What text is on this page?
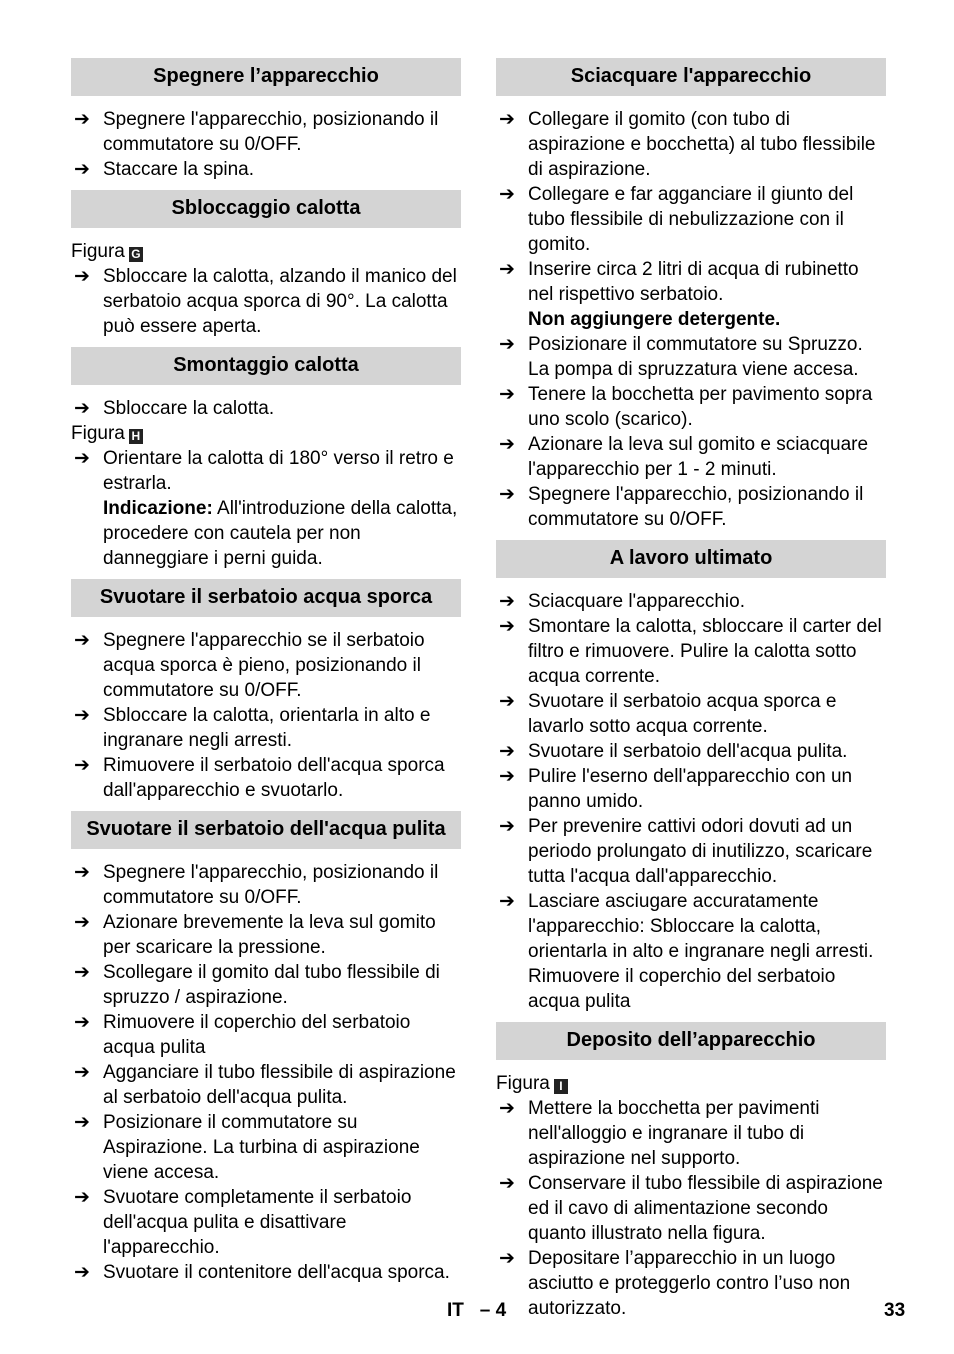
Spegnere l’apparecchio
➔ Spegnere l'apparecchio, posizionando il commutatore su 0/OFF.
➔ Staccare la spina.
Sbloccaggio calotta
Figura G
➔ Sbloccare la calotta, alzando il manico del serbatoio acqua sporca di 90°. La calotta può essere aperta.
Smontaggio calotta
➔ Sbloccare la calotta.
Figura H
➔ Orientare la calotta di 180° verso il retro e estrarla.
Indicazione: All'introduzione della calotta, procedere con cautela per non danneggiare i perni guida.
Svuotare il serbatoio acqua sporca
➔ Spegnere l'apparecchio se il serbatoio acqua sporca è pieno, posizionando il commutatore su 0/OFF.
➔ Sbloccare la calotta, orientarla in alto e ingranare negli arresti.
➔ Rimuovere il serbatoio dell'acqua sporca dall'apparecchio e svuotarlo.
Svuotare il serbatoio dell'acqua pulita
➔ Spegnere l'apparecchio, posizionando il commutatore su 0/OFF.
➔ Azionare brevemente la leva sul gomito per scaricare la pressione.
➔ Scollegare il gomito dal tubo flessibile di spruzzo / aspirazione.
➔ Rimuovere il coperchio del serbatoio acqua pulita
➔ Agganciare il tubo flessibile di aspirazione al serbatoio dell'acqua pulita.
➔ Posizionare il commutatore su Aspirazione. La turbina di aspirazione viene accesa.
➔ Svuotare completamente il serbatoio dell'acqua pulita e disattivare l'apparecchio.
➔ Svuotare il contenitore dell'acqua sporca.
Sciacquare l'apparecchio
➔ Collegare il gomito (con tubo di aspirazione e bocchetta) al tubo flessibile di aspirazione.
➔ Collegare e far agganciare il giunto del tubo flessibile di nebulizzazione con il gomito.
➔ Inserire circa 2 litri di acqua di rubinetto nel rispettivo serbatoio.
Non aggiungere detergente.
➔ Posizionare il commutatore su Spruzzo. La pompa di spruzzatura viene accesa.
➔ Tenere la bocchetta per pavimento sopra uno scolo (scarico).
➔ Azionare la leva sul gomito e sciacquare l'apparecchio per 1 - 2 minuti.
➔ Spegnere l'apparecchio, posizionando il commutatore su 0/OFF.
A lavoro ultimato
➔ Sciacquare l'apparecchio.
➔ Smontare la calotta, sbloccare il carter del filtro e rimuovere. Pulire la calotta sotto acqua corrente.
➔ Svuotare il serbatoio acqua sporca e lavarlo sotto acqua corrente.
➔ Svuotare il serbatoio dell'acqua pulita.
➔ Pulire l'eserno dell'apparecchio con un panno umido.
➔ Per prevenire cattivi odori dovuti ad un periodo prolungato di inutilizzo, scaricare tutta l'acqua dall'apparecchio.
➔ Lasciare asciugare accuratamente l'apparecchio: Sbloccare la calotta, orientarla in alto e ingranare negli arresti. Rimuovere il coperchio del serbatoio acqua pulita
Deposito dell’apparecchio
Figura I
➔ Mettere la bocchetta per pavimenti nell'alloggio e ingranare il tubo di aspirazione nel supporto.
➔ Conservare il tubo flessibile di aspirazione ed il cavo di alimentazione secondo quanto illustrato nella figura.
➔ Depositare l’apparecchio in un luogo asciutto e proteggerlo contro l’uso non autorizzato.
IT – 4	33
